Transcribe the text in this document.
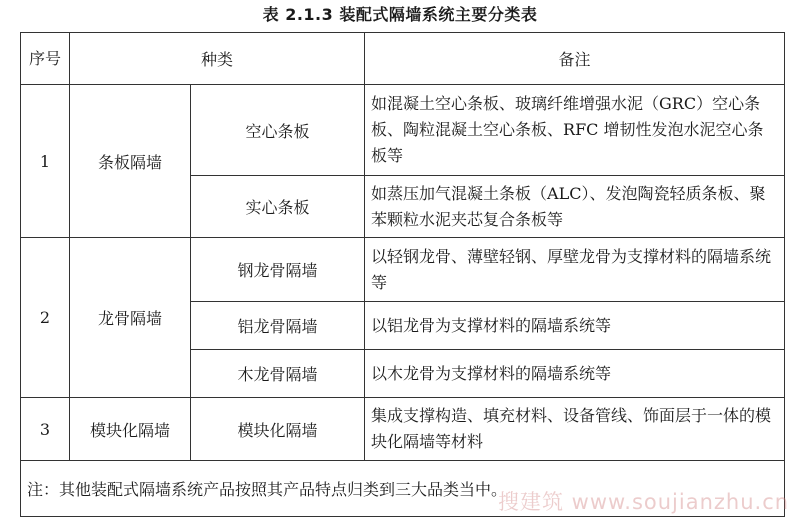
表 2.1.3 装配式隔墙系统主要分类表
序号	种类		备注
1	条板隔墙	空心条板	如混凝土空心条板、玻璃纤维增强水泥（GRC）空心条板、陶粒混凝土空心条板、RFC 增韧性发泡水泥空心条板等
		实心条板	如蒸压加气混凝土条板（ALC）、发泡陶瓷轻质条板、聚苯颗粒水泥夹芯复合条板等
2	龙骨隔墙	钢龙骨隔墙	以轻钢龙骨、薄壁轻钢、厚壁龙骨为支撑材料的隔墙系统等
		铝龙骨隔墙	以铝龙骨为支撑材料的隔墙系统等
		木龙骨隔墙	以木龙骨为支撑材料的隔墙系统等
3	模块化隔墙	模块化隔墙	集成支撑构造、填充材料、设备管线、饰面层于一体的模块化隔墙等材料
注：其他装配式隔墙系统产品按照其产品特点归类到三大品类当中。			
搜建筑 www.soujianzhu.cn
